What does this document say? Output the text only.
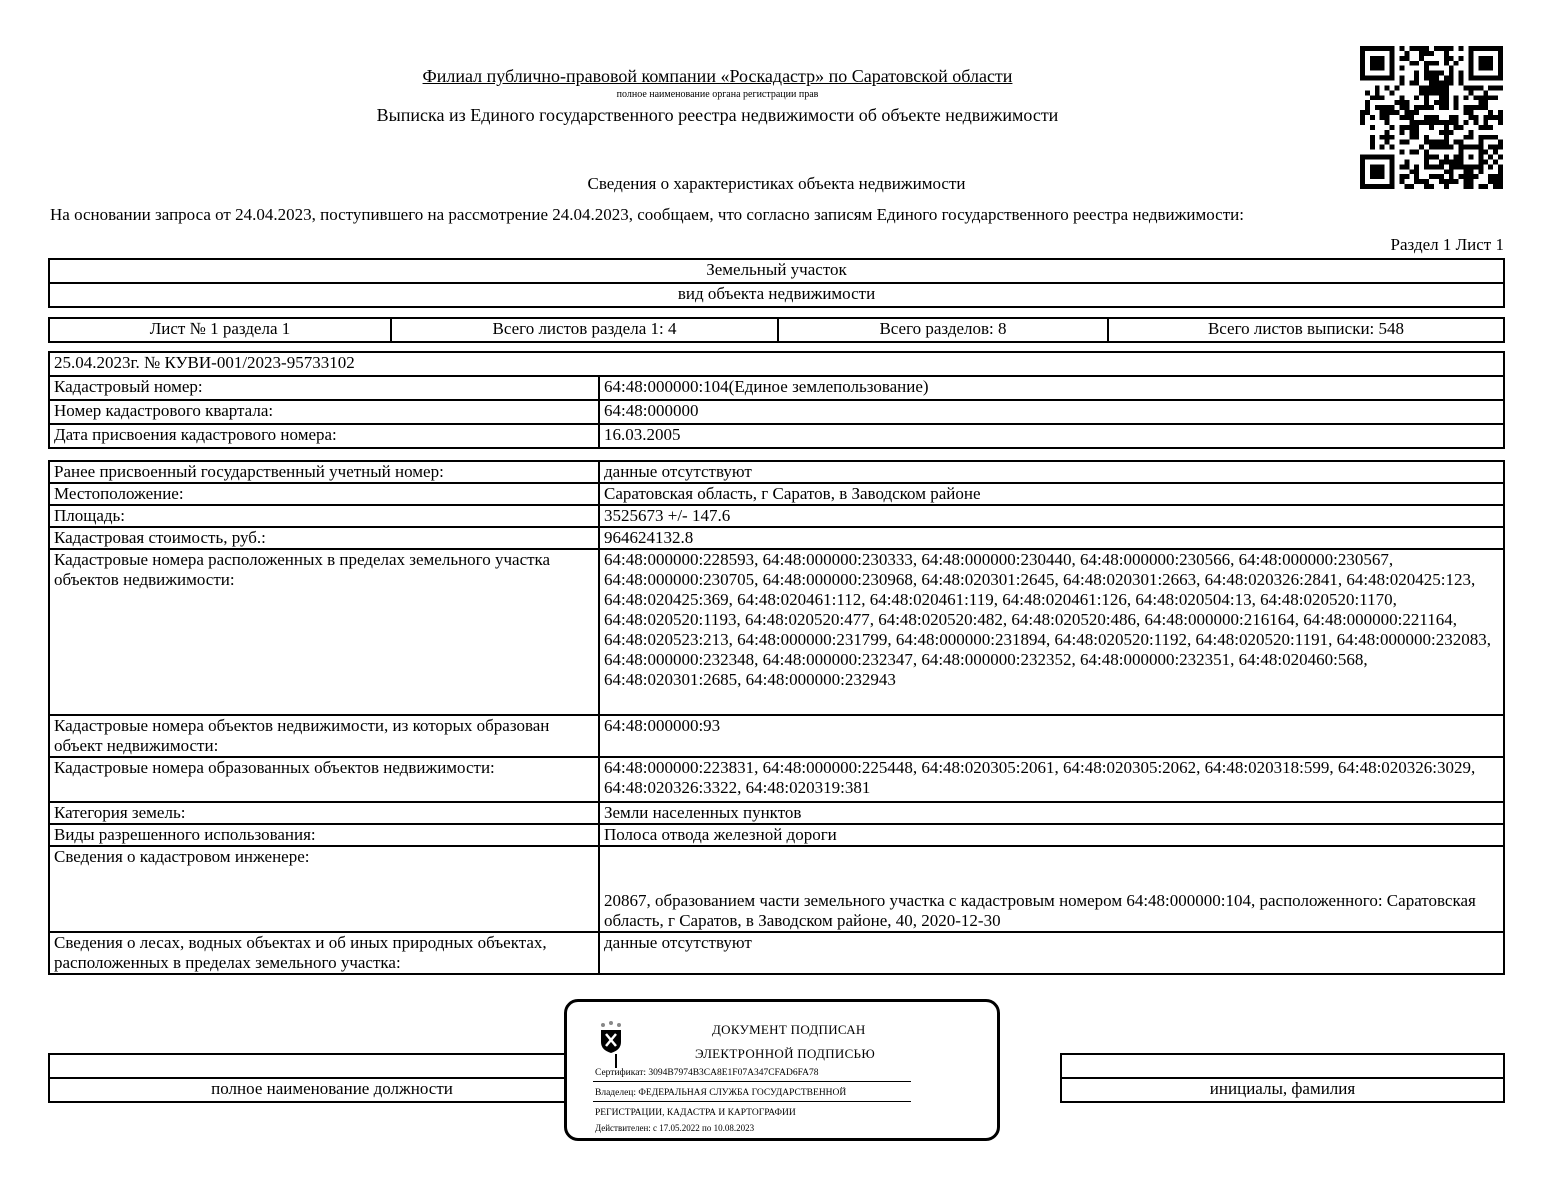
Филиал публично-правовой компании «Роскадастр» по Саратовской области
полное наименование органа регистрации прав
Выписка из Единого государственного реестра недвижимости об объекте недвижимости
Сведения о характеристиках объекта недвижимости
На основании запроса от 24.04.2023, поступившего на рассмотрение 24.04.2023, сообщаем, что согласно записям Единого государственного реестра недвижимости:
Раздел 1 Лист 1
Земельный участок
вид объекта недвижимости
Лист № 1 раздела 1	Всего листов раздела 1: 4	Всего разделов: 8	Всего листов выписки: 548
25.04.2023г. № КУВИ-001/2023-95733102	
Кадастровый номер:	64:48:000000:104(Единое землепользование)
Номер кадастрового квартала:	64:48:000000
Дата присвоения кадастрового номера:	16.03.2005
Ранее присвоенный государственный учетный номер:	данные отсутствуют
Местоположение:	Саратовская область, г Саратов, в Заводском районе
Площадь:	3525673 +/- 147.6
Кадастровая стоимость, руб.:	964624132.8
Кадастровые номера расположенных в пределах земельного участка объектов недвижимости:	64:48:000000:228593, 64:48:000000:230333, 64:48:000000:230440, 64:48:000000:230566, 64:48:000000:230567, 64:48:000000:230705, 64:48:000000:230968, 64:48:020301:2645, 64:48:020301:2663, 64:48:020326:2841, 64:48:020425:123, 64:48:020425:369, 64:48:020461:112, 64:48:020461:119, 64:48:020461:126, 64:48:020504:13, 64:48:020520:1170, 64:48:020520:1193, 64:48:020520:477, 64:48:020520:482, 64:48:020520:486, 64:48:000000:216164, 64:48:000000:221164, 64:48:020523:213, 64:48:000000:231799, 64:48:000000:231894, 64:48:020520:1192, 64:48:020520:1191, 64:48:000000:232083, 64:48:000000:232348, 64:48:000000:232347, 64:48:000000:232352, 64:48:000000:232351, 64:48:020460:568, 64:48:020301:2685, 64:48:000000:232943
Кадастровые номера объектов недвижимости, из которых образован объект недвижимости:	64:48:000000:93
Кадастровые номера образованных объектов недвижимости:	64:48:000000:223831, 64:48:000000:225448, 64:48:020305:2061, 64:48:020305:2062, 64:48:020318:599, 64:48:020326:3029, 64:48:020326:3322, 64:48:020319:381
Категория земель:	Земли населенных пунктов
Виды разрешенного использования:	Полоса отвода железной дороги
Сведения о кадастровом инженере:	20867, образованием части земельного участка с кадастровым номером 64:48:000000:104, расположенного: Саратовская область, г Саратов, в Заводском районе, 40, 2020-12-30
Сведения о лесах, водных объектах и об иных природных объектах, расположенных в пределах земельного участка:	данные отсутствуют

полное наименование должности		инициалы, фамилия
ДОКУМЕНТ ПОДПИСАН
ЭЛЕКТРОННОЙ ПОДПИСЬЮ
Сертификат: 3094B7974B3CA8E1F07A347CFAD6FA78
Владелец: ФЕДЕРАЛЬНАЯ СЛУЖБА ГОСУДАРСТВЕННОЙ
РЕГИСТРАЦИИ, КАДАСТРА И КАРТОГРАФИИ
Действителен: с 17.05.2022 по 10.08.2023
